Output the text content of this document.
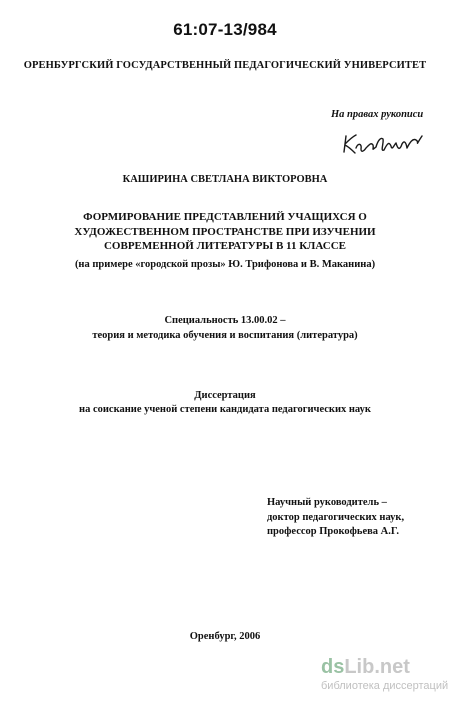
61:07-13/984
ОРЕНБУРГСКИЙ ГОСУДАРСТВЕННЫЙ ПЕДАГОГИЧЕСКИЙ УНИВЕРСИТЕТ
На правах рукописи
КАШИРИНА СВЕТЛАНА ВИКТОРОВНА
ФОРМИРОВАНИЕ ПРЕДСТАВЛЕНИЙ УЧАЩИХСЯ О
ХУДОЖЕСТВЕННОМ ПРОСТРАНСТВЕ ПРИ ИЗУЧЕНИИ
СОВРЕМЕННОЙ ЛИТЕРАТУРЫ В 11 КЛАССЕ
(на примере «городской прозы» Ю. Трифонова и В. Маканина)
Специальность 13.00.02 –
теория и методика обучения и воспитания (литература)
Диссертация
на соискание ученой степени кандидата педагогических наук
Научный руководитель –
доктор педагогических наук,
профессор Прокофьева А.Г.
Оренбург, 2006
ds Lib.net
библиотека диссертаций
